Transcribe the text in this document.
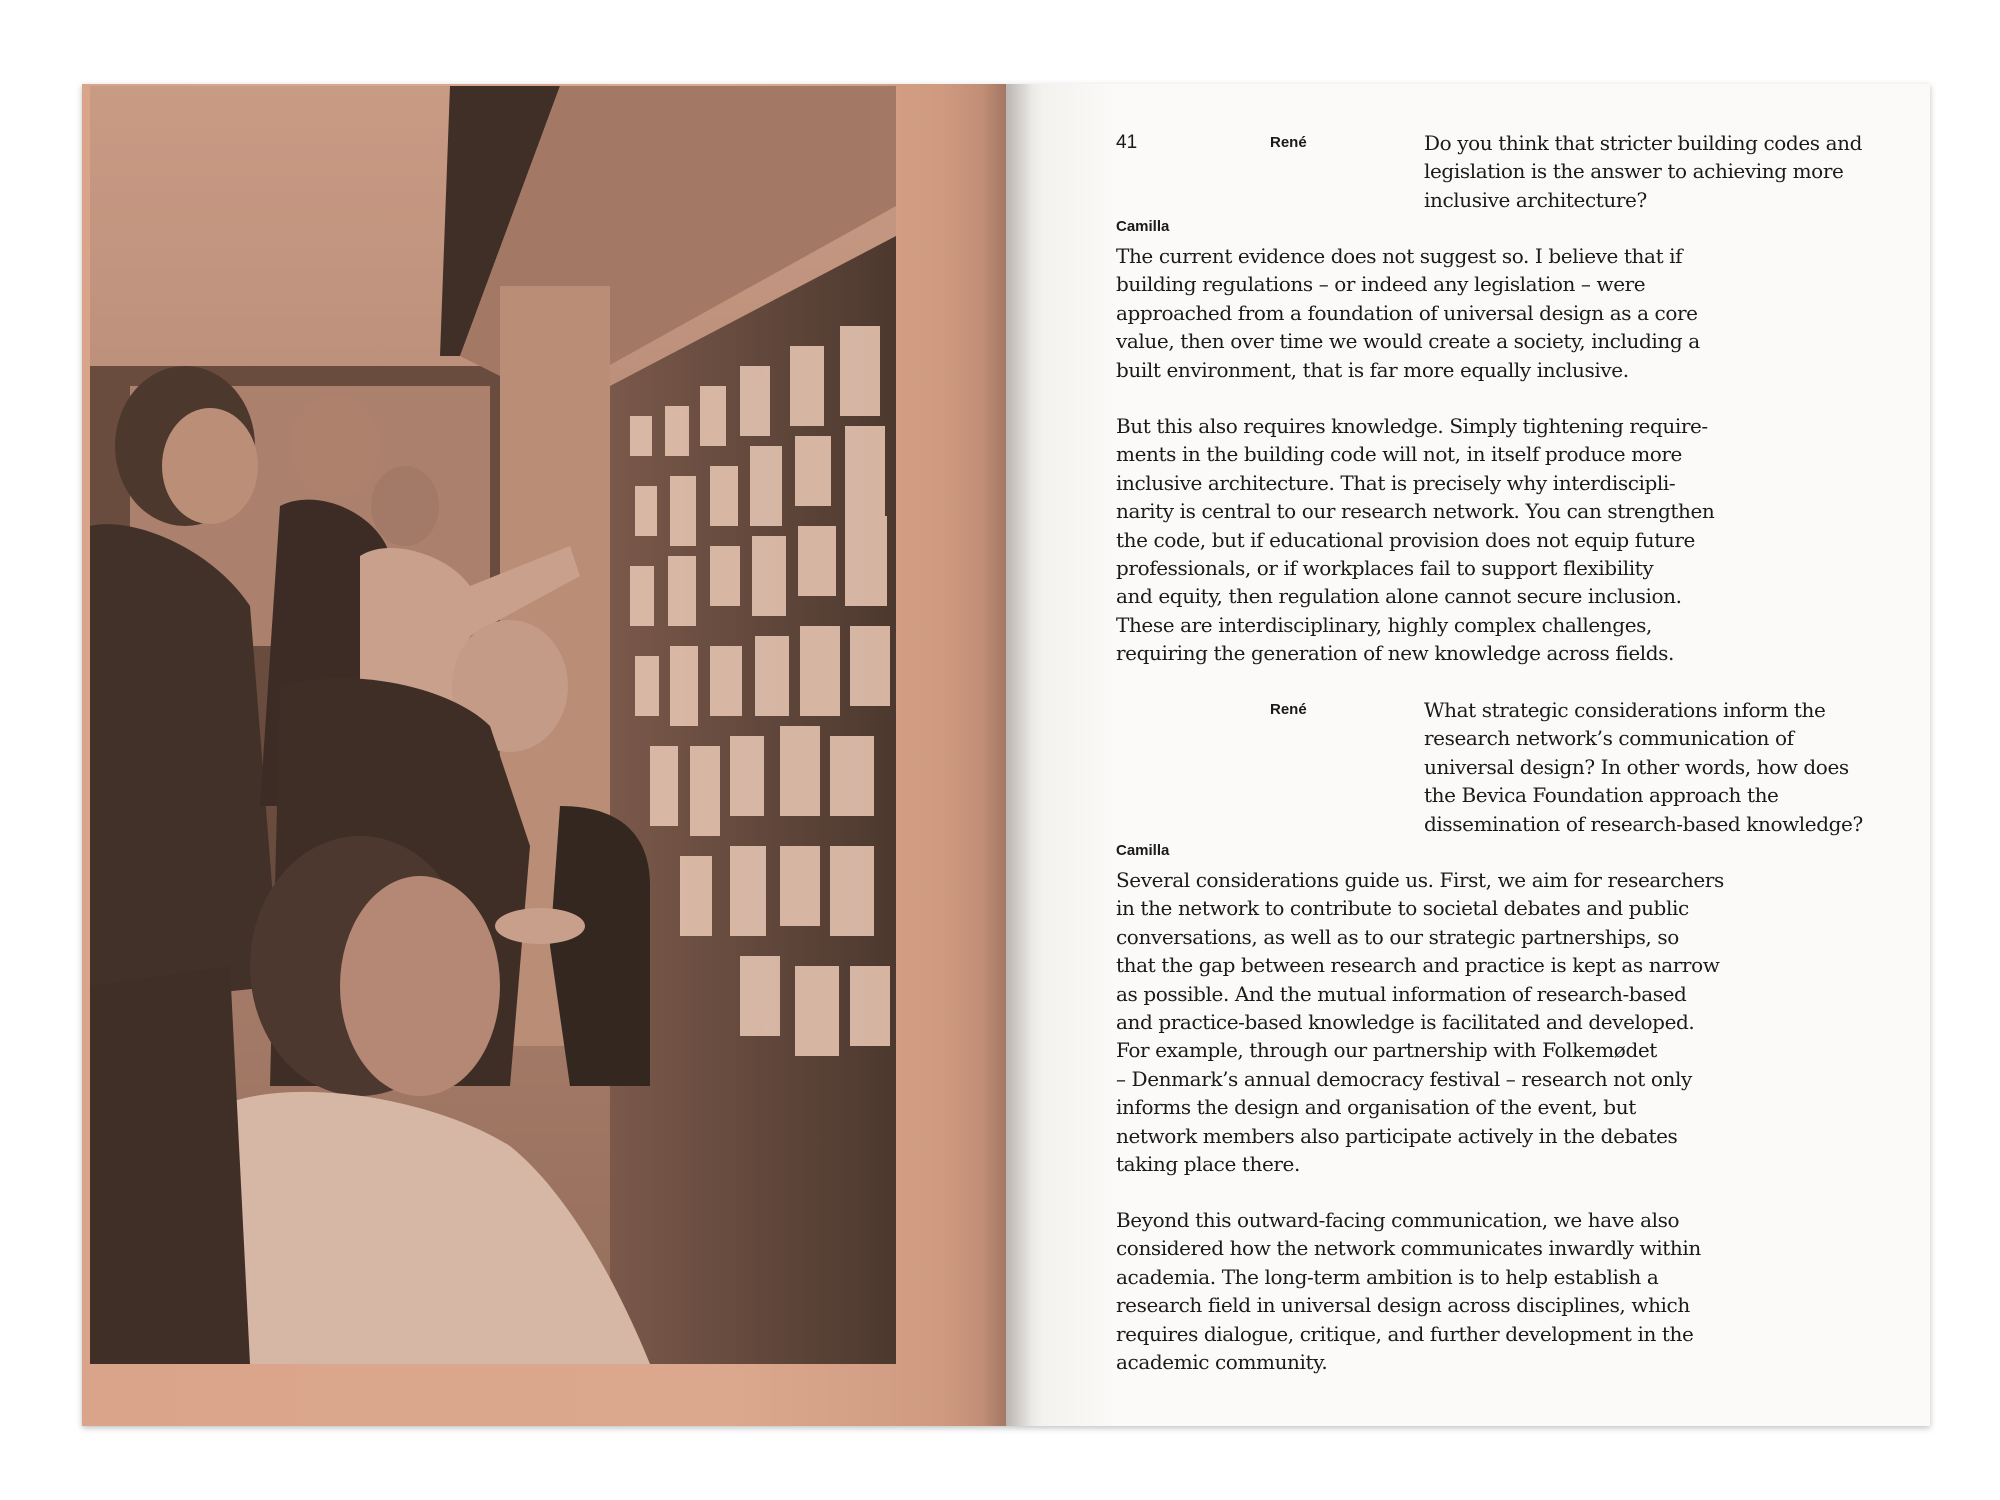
41	René	Do you think that stricter building codes and
legislation is the answer to achieving more
inclusive architecture?

Camilla

The current evidence does not suggest so. I believe that if
building regulations – or indeed any legislation – were
approached from a foundation of universal design as a core
value, then over time we would create a society, including a
built environment, that is far more equally inclusive.

But this also requires knowledge. Simply tightening require-
ments in the building code will not, in itself produce more
inclusive architecture. That is precisely why interdiscipli-
narity is central to our research network. You can strengthen
the code, but if educational provision does not equip future
professionals, or if workplaces fail to support flexibility
and equity, then regulation alone cannot secure inclusion.
These are interdisciplinary, highly complex challenges,
requiring the generation of new knowledge across fields.

René	What strategic considerations inform the
research network’s communication of
universal design? In other words, how does
the Bevica Foundation approach the
dissemination of research-based knowledge?

Camilla

Several considerations guide us. First, we aim for researchers
in the network to contribute to societal debates and public
conversations, as well as to our strategic partnerships, so
that the gap between research and practice is kept as narrow
as possible. And the mutual information of research-based
and practice-based knowledge is facilitated and developed.
For example, through our partnership with Folkemødet
– Denmark’s annual democracy festival – research not only
informs the design and organisation of the event, but
network members also participate actively in the debates
taking place there.

Beyond this outward-facing communication, we have also
considered how the network communicates inwardly within
academia. The long-term ambition is to help establish a
research field in universal design across disciplines, which
requires dialogue, critique, and further development in the
academic community.
